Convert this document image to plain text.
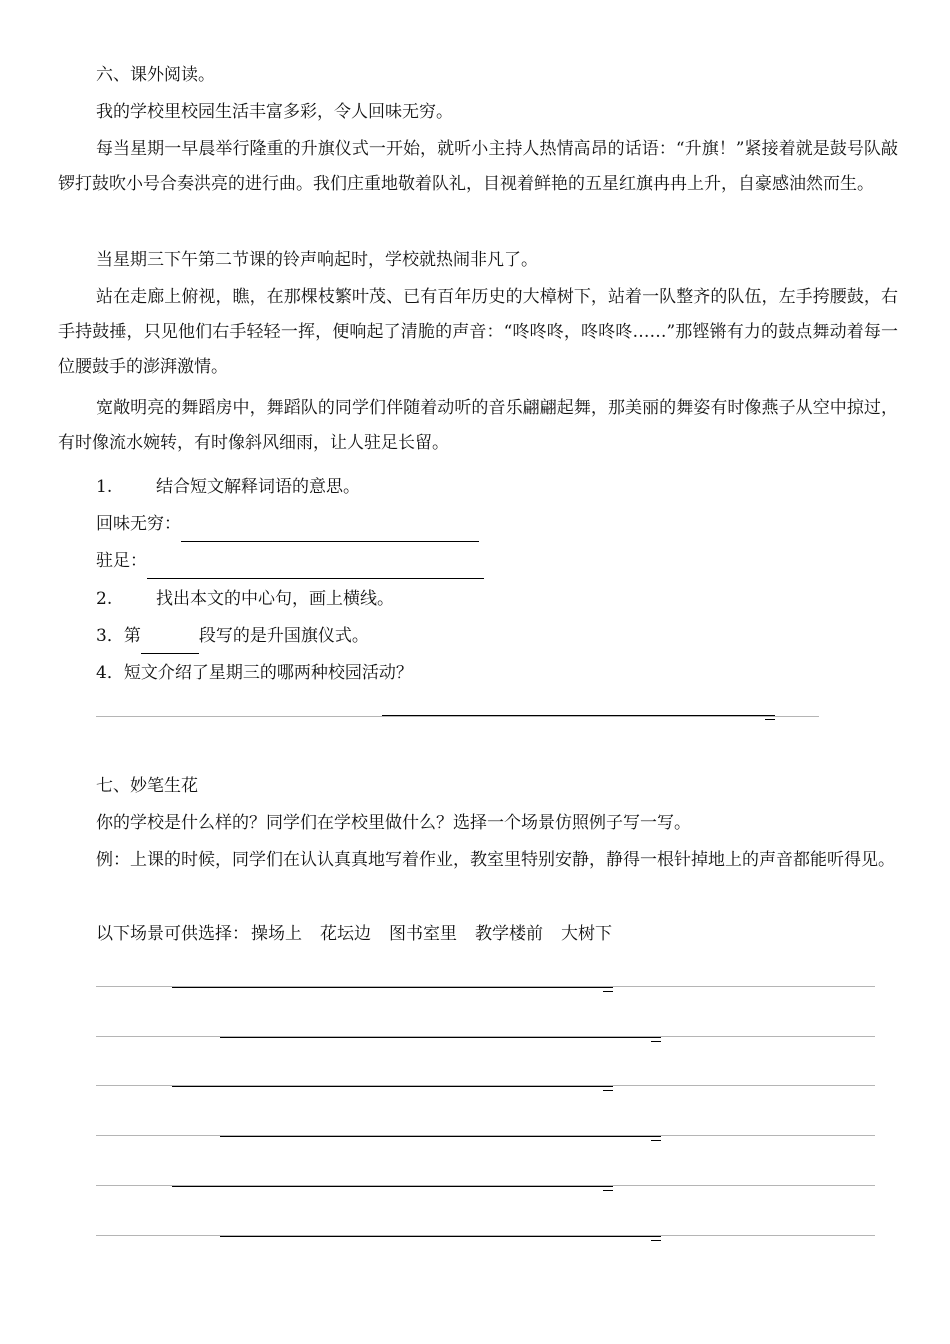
六、课外阅读。
我的学校里校园生活丰富多彩，令人回味无穷。
每当星期一早晨举行隆重的升旗仪式一开始，就听小主持人热情高昂的话语：“升旗！”紧接着就是鼓号队敲锣打鼓吹小号合奏洪亮的进行曲。我们庄重地敬着队礼，目视着鲜艳的五星红旗冉冉上升，自豪感油然而生。
当星期三下午第二节课的铃声响起时，学校就热闹非凡了。
站在走廊上俯视，瞧，在那棵枝繁叶茂、已有百年历史的大樟树下，站着一队整齐的队伍，左手挎腰鼓，右手持鼓捶，只见他们右手轻轻一挥，便响起了清脆的声音：“咚咚咚，咚咚咚……”那铿锵有力的鼓点舞动着每一位腰鼓手的澎湃激情。
宽敞明亮的舞蹈房中，舞蹈队的同学们伴随着动听的音乐翩翩起舞，那美丽的舞姿有时像燕子从空中掠过，有时像流水婉转，有时像斜风细雨，让人驻足长留。
1.	结合短文解释词语的意思。
回味无穷：
驻足：
2.	找出本文的中心句，画上横线。
3．第	段写的是升国旗仪式。
4．短文介绍了星期三的哪两种校园活动？
七、妙笔生花
你的学校是什么样的？同学们在学校里做什么？选择一个场景仿照例子写一写。
例：上课的时候，同学们在认认真真地写着作业，教室里特别安静，静得一根针掉地上的声音都能听得见。
以下场景可供选择： 操场上 花坛边 图书室里 教学楼前 大树下
